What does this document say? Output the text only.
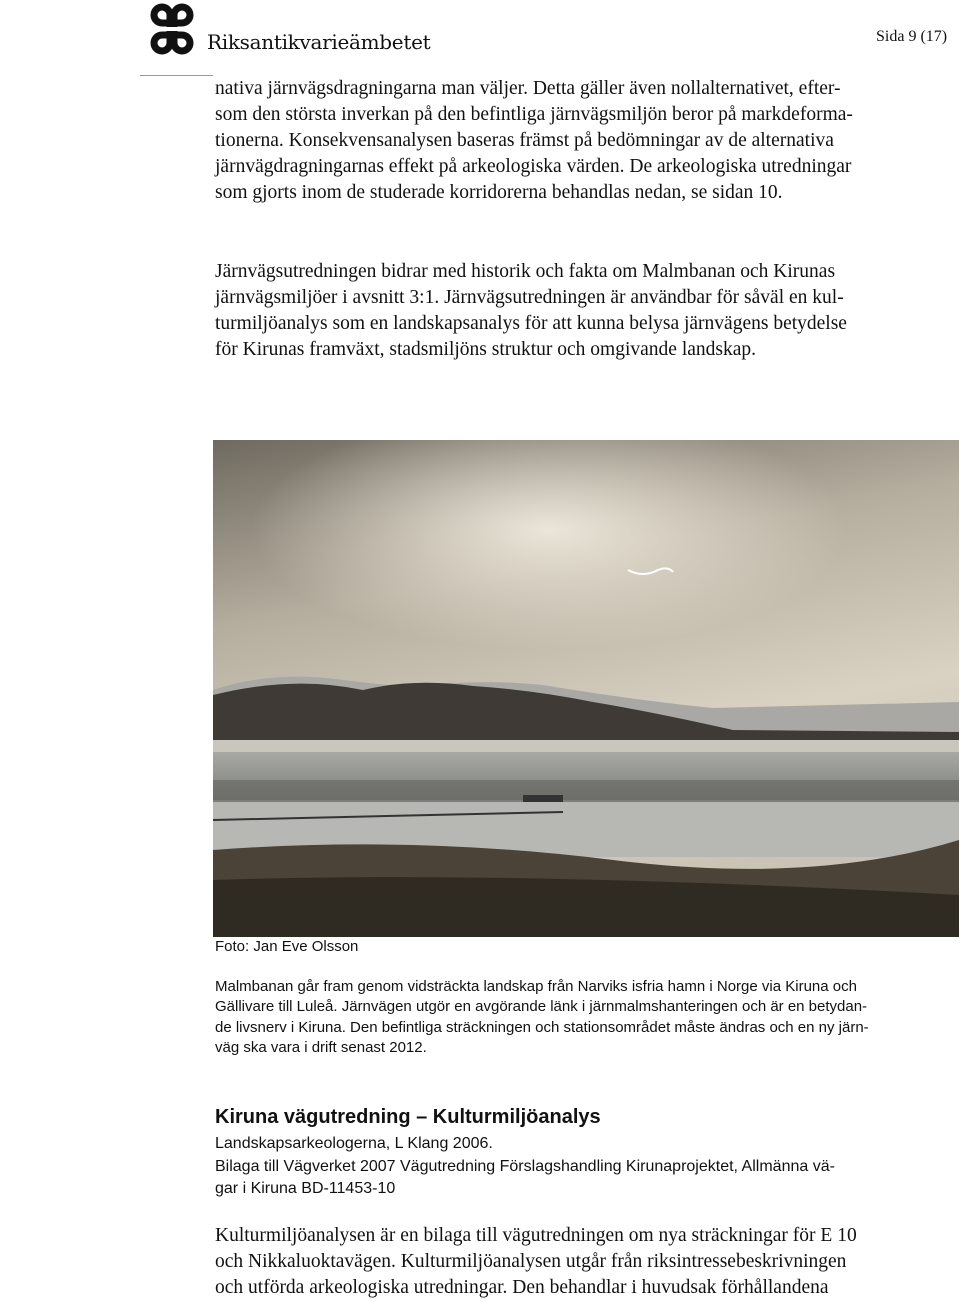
Riksantikvarieämbetet	Sida 9 (17)
nativa järnvägsdragningarna man väljer. Detta gäller även nollalternativet, efter-
som den största inverkan på den befintliga järnvägsmiljön beror på markdeforma-
tionerna. Konsekvensanalysen baseras främst på bedömningar av de alternativa
järnvägdragningarnas effekt på arkeologiska värden. De arkeologiska utredningar
som gjorts inom de studerade korridorerna behandlas nedan, se sidan 10.
Järnvägsutredningen bidrar med historik och fakta om Malmbanan och Kirunas
järnvägsmiljöer i avsnitt 3:1. Järnvägsutredningen är användbar för såväl en kul-
turmiljöanalys som en landskapsanalys för att kunna belysa järnvägens betydelse
för Kirunas framväxt, stadsmiljöns struktur och omgivande landskap.
Foto: Jan Eve Olsson
Malmbanan går fram genom vidsträckta landskap från Narviks isfria hamn i Norge via Kiruna och
Gällivare till Luleå. Järnvägen utgör en avgörande länk i järnmalmshanteringen och är en betydan-
de livsnerv i Kiruna. Den befintliga sträckningen och stationsområdet måste ändras och en ny järn-
väg ska vara i drift senast 2012.
Kiruna vägutredning – Kulturmiljöanalys
Landskapsarkeologerna, L Klang 2006.
Bilaga till Vägverket 2007 Vägutredning Förslagshandling Kirunaprojektet, Allmänna vä-
gar i Kiruna BD-11453-10
Kulturmiljöanalysen är en bilaga till vägutredningen om nya sträckningar för E 10
och Nikkaluoktavägen. Kulturmiljöanalysen utgår från riksintressebeskrivningen
och utförda arkeologiska utredningar. Den behandlar i huvudsak förhållandena
